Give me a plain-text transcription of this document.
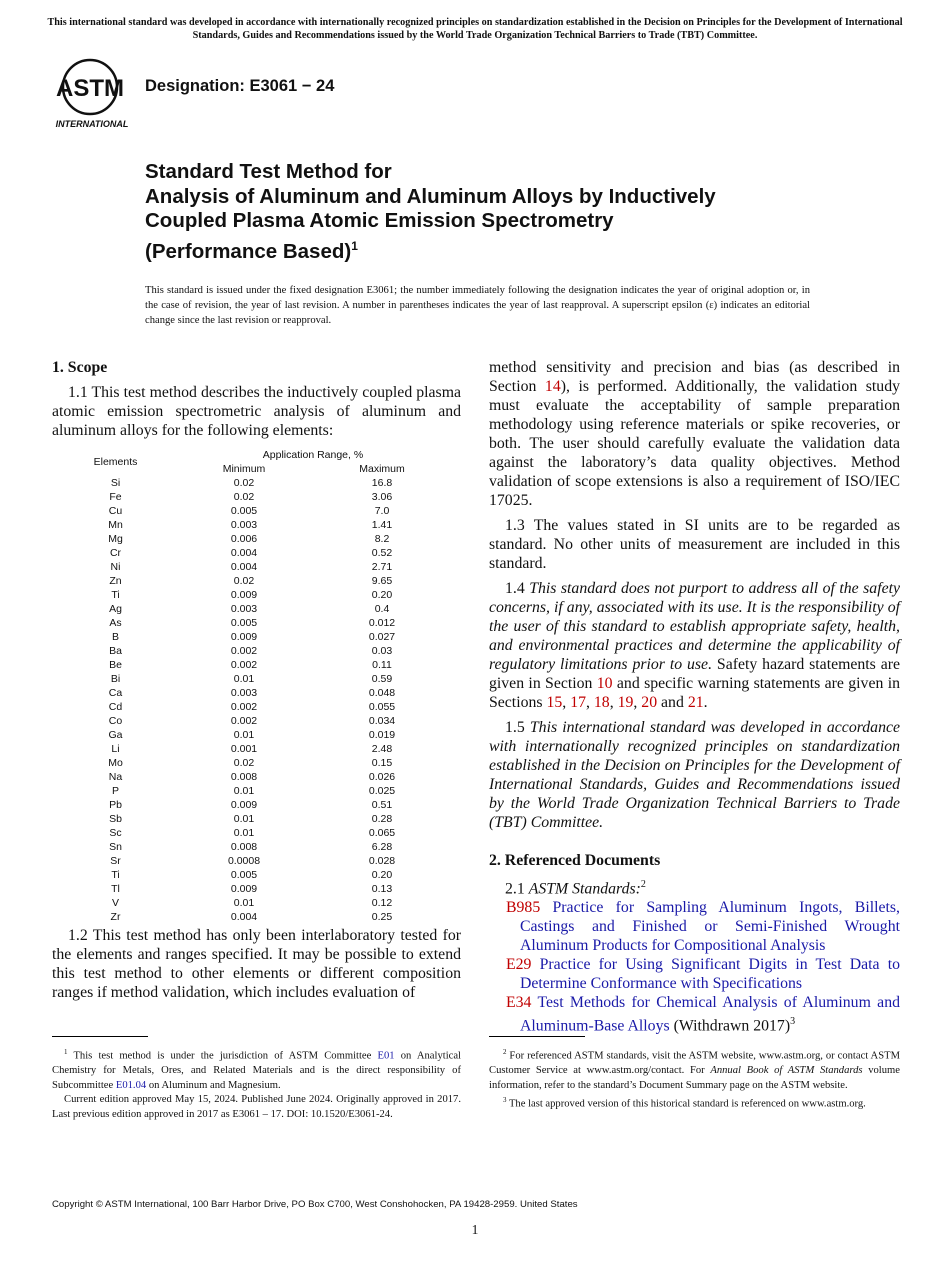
This international standard was developed in accordance with internationally recognized principles on standardization established in the Decision on Principles for the Development of International Standards, Guides and Recommendations issued by the World Trade Organization Technical Barriers to Trade (TBT) Committee.
ASTM
INTERNATIONAL
Designation: E3061 − 24
Standard Test Method for
Analysis of Aluminum and Aluminum Alloys by Inductively
Coupled Plasma Atomic Emission Spectrometry
(Performance Based)$^1$
This standard is issued under the fixed designation E3061; the number immediately following the designation indicates the year of original adoption or, in the case of revision, the year of last revision. A number in parentheses indicates the year of last reapproval. A superscript epsilon (ε) indicates an editorial change since the last revision or reapproval.
1. Scope

1.1 This test method describes the inductively coupled plasma atomic emission spectrometric analysis of aluminum and aluminum alloys for the following elements:

Elements
Application Range, %
Minimum	Maximum
Si	0.02	16.8
Fe	0.02	3.06
Cu	0.005	7.0
Mn	0.003	1.41
Mg	0.006	8.2
Cr	0.004	0.52
Ni	0.004	2.71
Zn	0.02	9.65
Ti	0.009	0.20
Ag	0.003	0.4
As	0.005	0.012
B	0.009	0.027
Ba	0.002	0.03
Be	0.002	0.11
Bi	0.01	0.59
Ca	0.003	0.048
Cd	0.002	0.055
Co	0.002	0.034
Ga	0.01	0.019
Li	0.001	2.48
Mo	0.02	0.15
Na	0.008	0.026
P	0.01	0.025
Pb	0.009	0.51
Sb	0.01	0.28
Sc	0.01	0.065
Sn	0.008	6.28
Sr	0.0008	0.028
Ti	0.005	0.20
Tl	0.009	0.13
V	0.01	0.12
Zr	0.004	0.25

1.2 This test method has only been interlaboratory tested for the elements and ranges specified. It may be possible to extend this test method to other elements or different composition ranges if method validation, which includes evaluation of

method sensitivity and precision and bias (as described in Section 14), is performed. Additionally, the validation study must evaluate the acceptability of sample preparation methodology using reference materials or spike recoveries, or both. The user should carefully evaluate the validation data against the laboratory’s data quality objectives. Method validation of scope extensions is also a requirement of ISO/IEC 17025.

1.3 The values stated in SI units are to be regarded as standard. No other units of measurement are included in this standard.

1.4 This standard does not purport to address all of the safety concerns, if any, associated with its use. It is the responsibility of the user of this standard to establish appropriate safety, health, and environmental practices and determine the applicability of regulatory limitations prior to use. Safety hazard statements are given in Section 10 and specific warning statements are given in Sections 15, 17, 18, 19, 20 and 21.

1.5 This international standard was developed in accordance with internationally recognized principles on standardization established in the Decision on Principles for the Development of International Standards, Guides and Recommendations issued by the World Trade Organization Technical Barriers to Trade (TBT) Committee.

2. Referenced Documents

2.1 ASTM Standards:$^2$

B985 Practice for Sampling Aluminum Ingots, Billets, Castings and Finished or Semi-Finished Wrought Aluminum Products for Compositional Analysis

E29 Practice for Using Significant Digits in Test Data to Determine Conformance with Specifications

E34 Test Methods for Chemical Analysis of Aluminum and Aluminum-Base Alloys (Withdrawn 2017)$^3$

$^1$ This test method is under the jurisdiction of ASTM Committee E01 on Analytical Chemistry for Metals, Ores, and Related Materials and is the direct responsibility of Subcommittee E01.04 on Aluminum and Magnesium.

Current edition approved May 15, 2024. Published June 2024. Originally approved in 2017. Last previous edition approved in 2017 as E3061 – 17. DOI: 10.1520/E3061-24.

$^2$ For referenced ASTM standards, visit the ASTM website, www.astm.org, or contact ASTM Customer Service at www.astm.org/contact. For Annual Book of ASTM Standards volume information, refer to the standard’s Document Summary page on the ASTM website.

$^3$ The last approved version of this historical standard is referenced on www.astm.org.

Copyright © ASTM International, 100 Barr Harbor Drive, PO Box C700, West Conshohocken, PA 19428-2959. United States
1
